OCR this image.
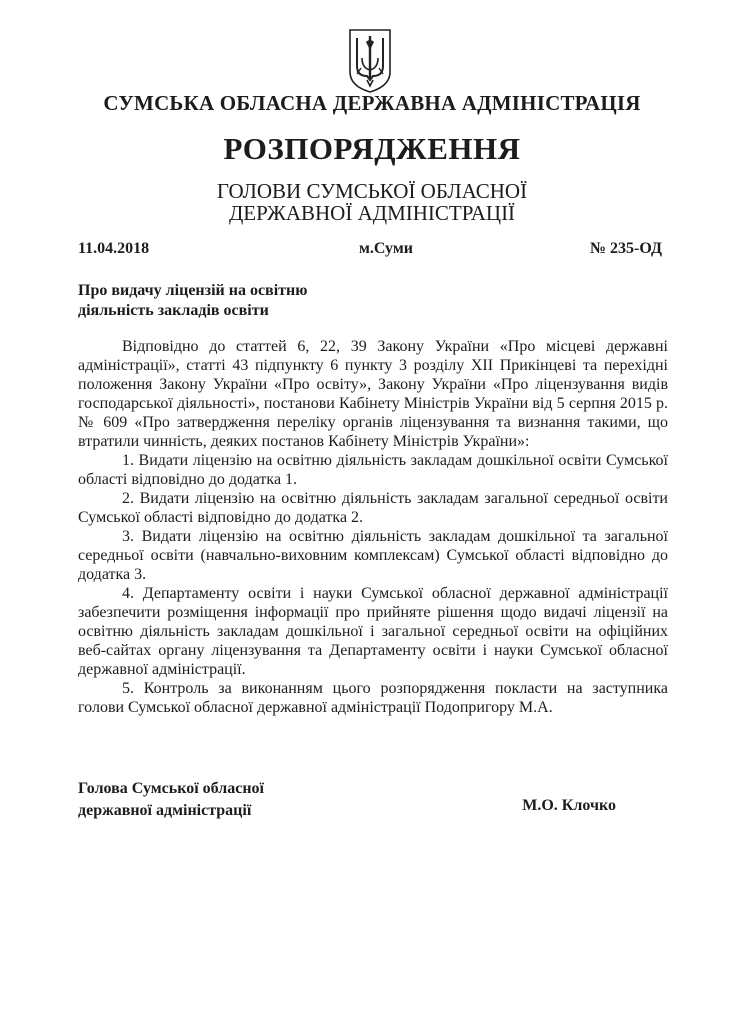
СУМСЬКА ОБЛАСНА ДЕРЖАВНА АДМІНІСТРАЦІЯ
РОЗПОРЯДЖЕННЯ
ГОЛОВИ СУМСЬКОЇ ОБЛАСНОЇ
ДЕРЖАВНОЇ АДМІНІСТРАЦІЇ
11.04.2018	м.Суми	№ 235-ОД
Про видачу ліцензій на освітню
діяльність закладів освіти

Відповідно до статтей 6, 22, 39 Закону України «Про місцеві державні адміністрації», статті 43 підпункту 6 пункту 3 розділу XII Прикінцеві та перехідні положення Закону України «Про освіту», Закону України «Про ліцензування видів господарської діяльності», постанови Кабінету Міністрів України від 5 серпня 2015 р. № 609 «Про затвердження переліку органів ліцензування та визнання такими, що втратили чинність, деяких постанов Кабінету Міністрів України»:

1. Видати ліцензію на освітню діяльність закладам дошкільної освіти Сумської області відповідно до додатка 1.

2. Видати ліцензію на освітню діяльність закладам загальної середньої освіти Сумської області відповідно до додатка 2.

3. Видати ліцензію на освітню діяльність закладам дошкільної та загальної середньої освіти (навчально-виховним комплексам) Сумської області відповідно до додатка 3.

4. Департаменту освіти і науки Сумської обласної державної адміністрації забезпечити розміщення інформації про прийняте рішення щодо видачі ліцензії на освітню діяльність закладам дошкільної і загальної середньої освіти на офіційних веб-сайтах органу ліцензування та Департаменту освіти і науки Сумської обласної державної адміністрації.

5. Контроль за виконанням цього розпорядження покласти на заступника голови Сумської обласної державної адміністрації Подопригору М.А.

Голова Сумської обласної
державної адміністрації	М.О. Клочко
